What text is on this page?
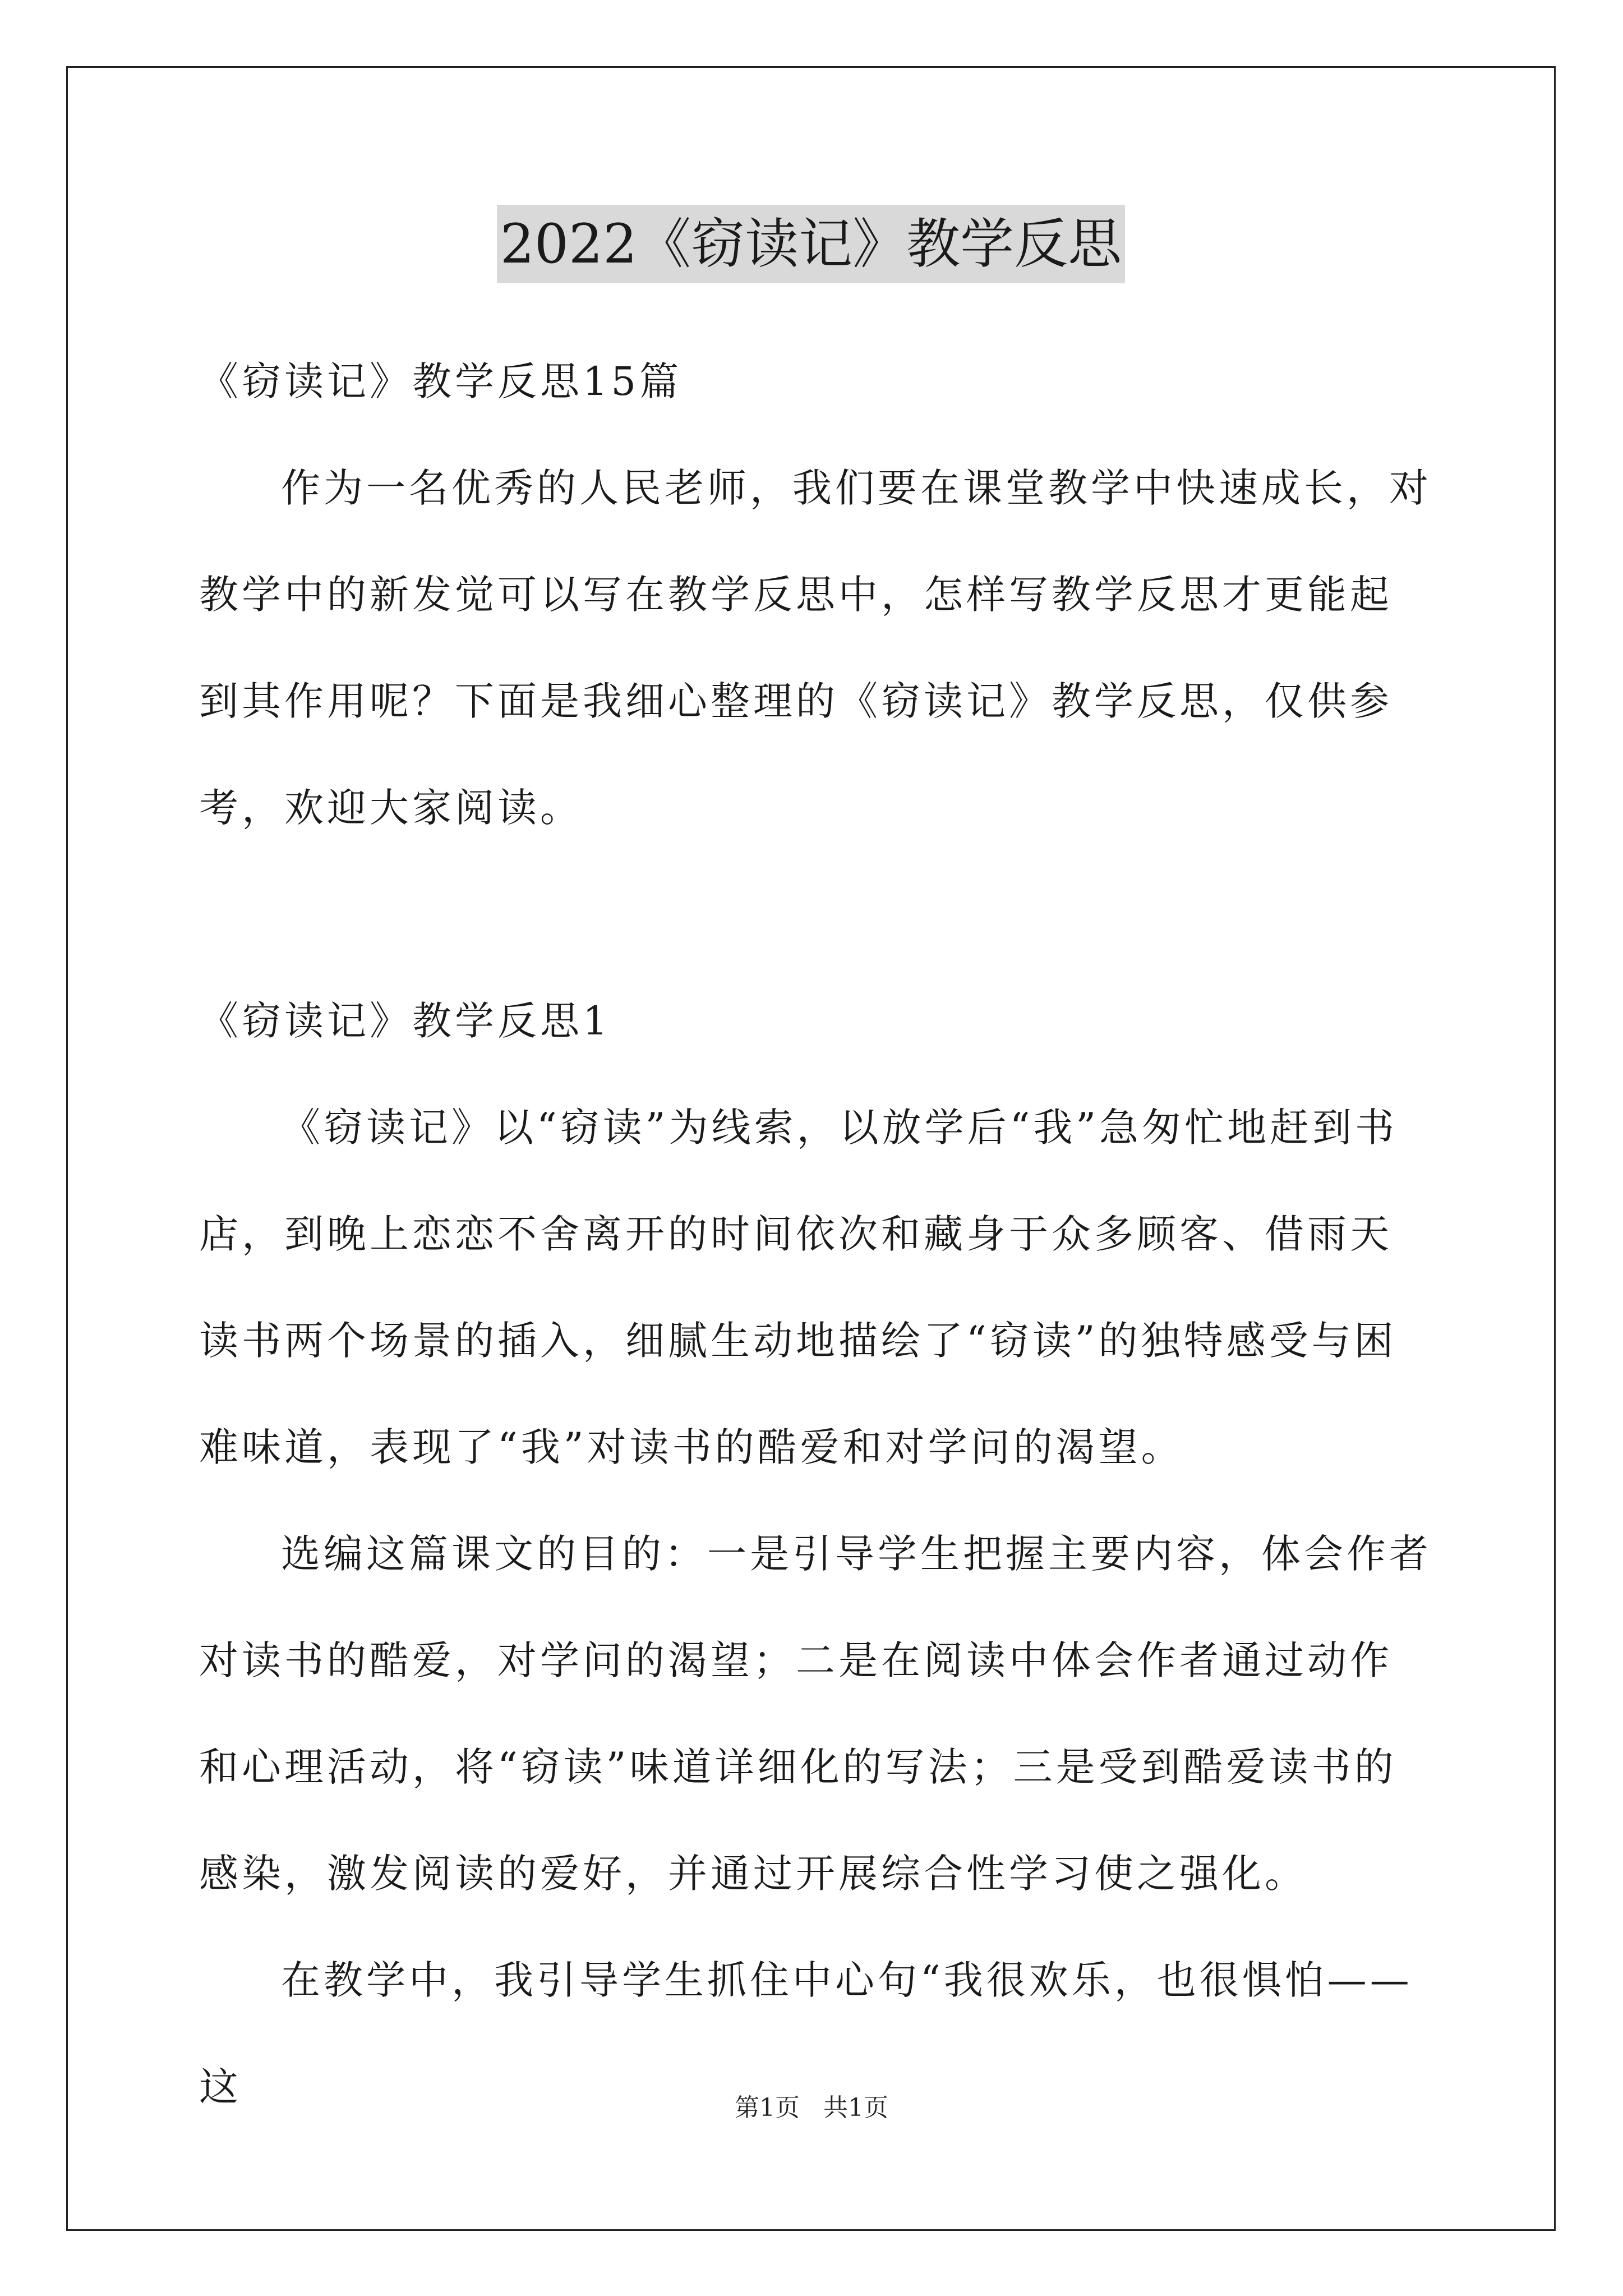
2022《窃读记》教学反思

《窃读记》教学反思15篇

作为一名优秀的人民老师，我们要在课堂教学中快速成长，对教学中的新发觉可以写在教学反思中，怎样写教学反思才更能起到其作用呢？下面是我细心整理的《窃读记》教学反思，仅供参考，欢迎大家阅读。

《窃读记》教学反思1

《窃读记》以“窃读”为线索，以放学后“我”急匆忙地赶到书店，到晚上恋恋不舍离开的时间依次和藏身于众多顾客、借雨天读书两个场景的插入，细腻生动地描绘了“窃读”的独特感受与困难味道，表现了“我”对读书的酷爱和对学问的渴望。

选编这篇课文的目的：一是引导学生把握主要内容，体会作者对读书的酷爱，对学问的渴望；二是在阅读中体会作者通过动作和心理活动，将“窃读”味道详细化的写法；三是受到酷爱读书的感染，激发阅读的爱好，并通过开展综合性学习使之强化。

在教学中，我引导学生抓住中心句“我很欢乐，也很惧怕——这	第1页 共1页
